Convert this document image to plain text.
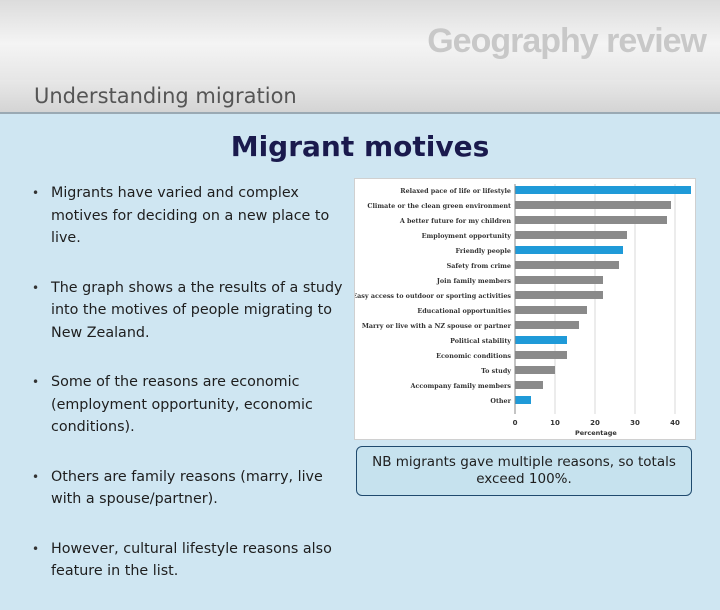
Geography review
Understanding migration
Migrant motives
• Migrants have varied and complex motives for deciding on a new place to live.
• The graph shows a the results of a study into the motives of people migrating to New Zealand.
• Some of the reasons are economic (employment opportunity, economic conditions).
• Others are family reasons (marry, live with a spouse/partner).
• However, cultural lifestyle reasons also feature in the list.
0	10	20	30	40
Relaxed pace of life or lifestyle
Climate or the clean green environment
A better future for my children
Employment opportunity
Friendly people
Safety from crime
Join family members
Easy access to outdoor or sporting activities
Educational opportunities
Marry or live with a NZ spouse or partner
Political stability
Economic conditions
To study
Accompany family members
Other
Percentage
NB migrants gave multiple reasons, so totals exceed 100%.
